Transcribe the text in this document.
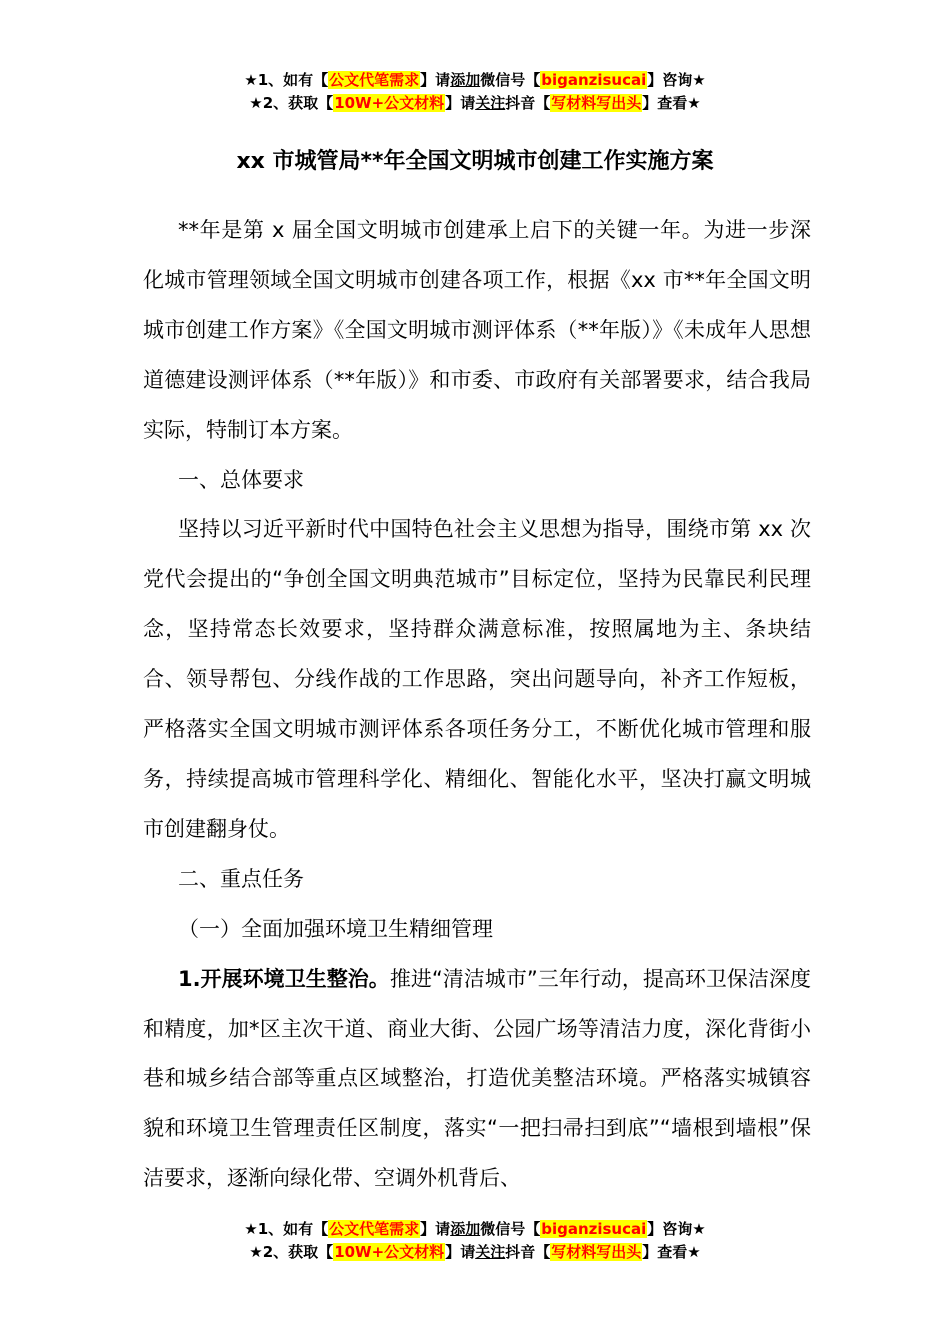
★1、如有【公文代笔需求】请添加微信号【biganzisucai】咨询★
★2、获取【10W+公文材料】请关注抖音【写材料写出头】查看★
xx 市城管局**年全国文明城市创建工作实施方案

**年是第 x 届全国文明城市创建承上启下的关键一年。为进一步深化城市管理领域全国文明城市创建各项工作，根据《xx 市**年全国文明城市创建工作方案》《全国文明城市测评体系（**年版）》《未成年人思想道德建设测评体系（**年版）》和市委、市政府有关部署要求，结合我局实际，特制订本方案。

一、总体要求

坚持以习近平新时代中国特色社会主义思想为指导，围绕市第 xx 次党代会提出的“争创全国文明典范城市”目标定位，坚持为民靠民利民理念，坚持常态长效要求，坚持群众满意标准，按照属地为主、条块结合、领导帮包、分线作战的工作思路，突出问题导向，补齐工作短板，严格落实全国文明城市测评体系各项任务分工，不断优化城市管理和服务，持续提高城市管理科学化、精细化、智能化水平，坚决打赢文明城市创建翻身仗。

二、重点任务

（一）全面加强环境卫生精细管理

1.开展环境卫生整治。推进“清洁城市”三年行动，提高环卫保洁深度和精度，加*区主次干道、商业大街、公园广场等清洁力度，深化背街小巷和城乡结合部等重点区域整治，打造优美整洁环境。严格落实城镇容貌和环境卫生管理责任区制度，落实“一把扫帚扫到底”“墙根到墙根”保洁要求，逐渐向绿化带、空调外机背后、

★1、如有【公文代笔需求】请添加微信号【biganzisucai】咨询★
★2、获取【10W+公文材料】请关注抖音【写材料写出头】查看★
